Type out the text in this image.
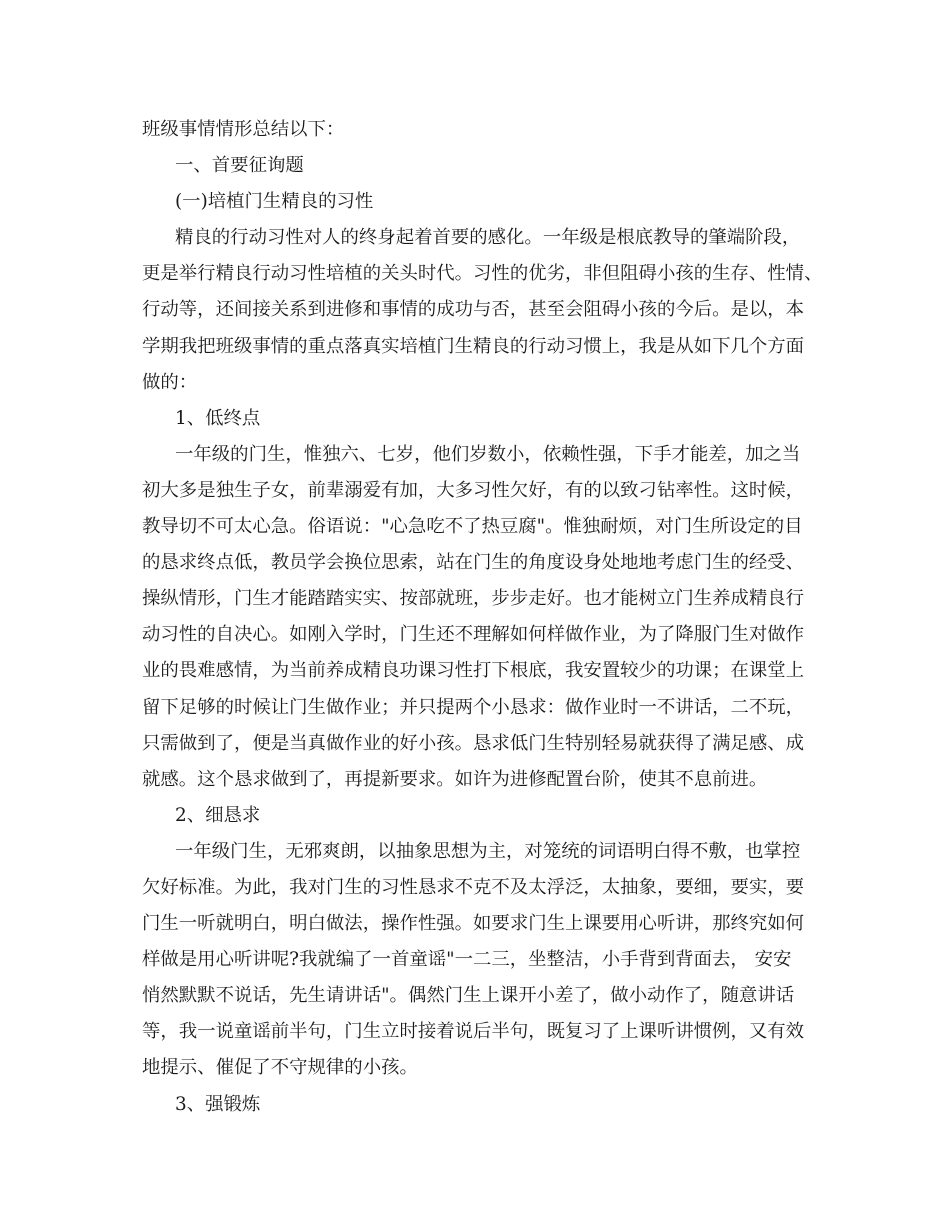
班级事情情形总结以下：
一、首要征询题
(一)培植门生精良的习性
精良的行动习性对人的终身起着首要的感化。一年级是根底教导的肇端阶段，
更是举行精良行动习性培植的关头时代。习性的优劣，非但阻碍小孩的生存、性情、
行动等，还间接关系到进修和事情的成功与否，甚至会阻碍小孩的今后。是以，本
学期我把班级事情的重点落真实培植门生精良的行动习惯上，我是从如下几个方面
做的：
1、低终点
一年级的门生，惟独六、七岁，他们岁数小，依赖性强，下手才能差，加之当
初大多是独生子女，前辈溺爱有加，大多习性欠好，有的以致刁钻率性。这时候，
教导切不可太心急。俗语说："心急吃不了热豆腐"。惟独耐烦，对门生所设定的目
的恳求终点低，教员学会换位思索，站在门生的角度设身处地地考虑门生的经受、
操纵情形，门生才能踏踏实实、按部就班，步步走好。也才能树立门生养成精良行
动习性的自决心。如刚入学时，门生还不理解如何样做作业，为了降服门生对做作
业的畏难感情，为当前养成精良功课习性打下根底，我安置较少的功课；在课堂上
留下足够的时候让门生做作业；并只提两个小恳求：做作业时一不讲话，二不玩，
只需做到了，便是当真做作业的好小孩。恳求低门生特别轻易就获得了满足感、成
就感。这个恳求做到了，再提新要求。如许为进修配置台阶，使其不息前进。
2、细恳求
一年级门生，无邪爽朗，以抽象思想为主，对笼统的词语明白得不敷，也掌控
欠好标准。为此，我对门生的习性恳求不克不及太浮泛，太抽象，要细，要实，要
门生一听就明白，明白做法，操作性强。如要求门生上课要用心听讲，那终究如何
样做是用心听讲呢?我就编了一首童谣"一二三，坐整洁，小手背到背面去， 安安
悄然默默不说话，先生请讲话"。偶然门生上课开小差了，做小动作了，随意讲话
等，我一说童谣前半句，门生立时接着说后半句，既复习了上课听讲惯例，又有效
地提示、催促了不守规律的小孩。
3、强锻炼
